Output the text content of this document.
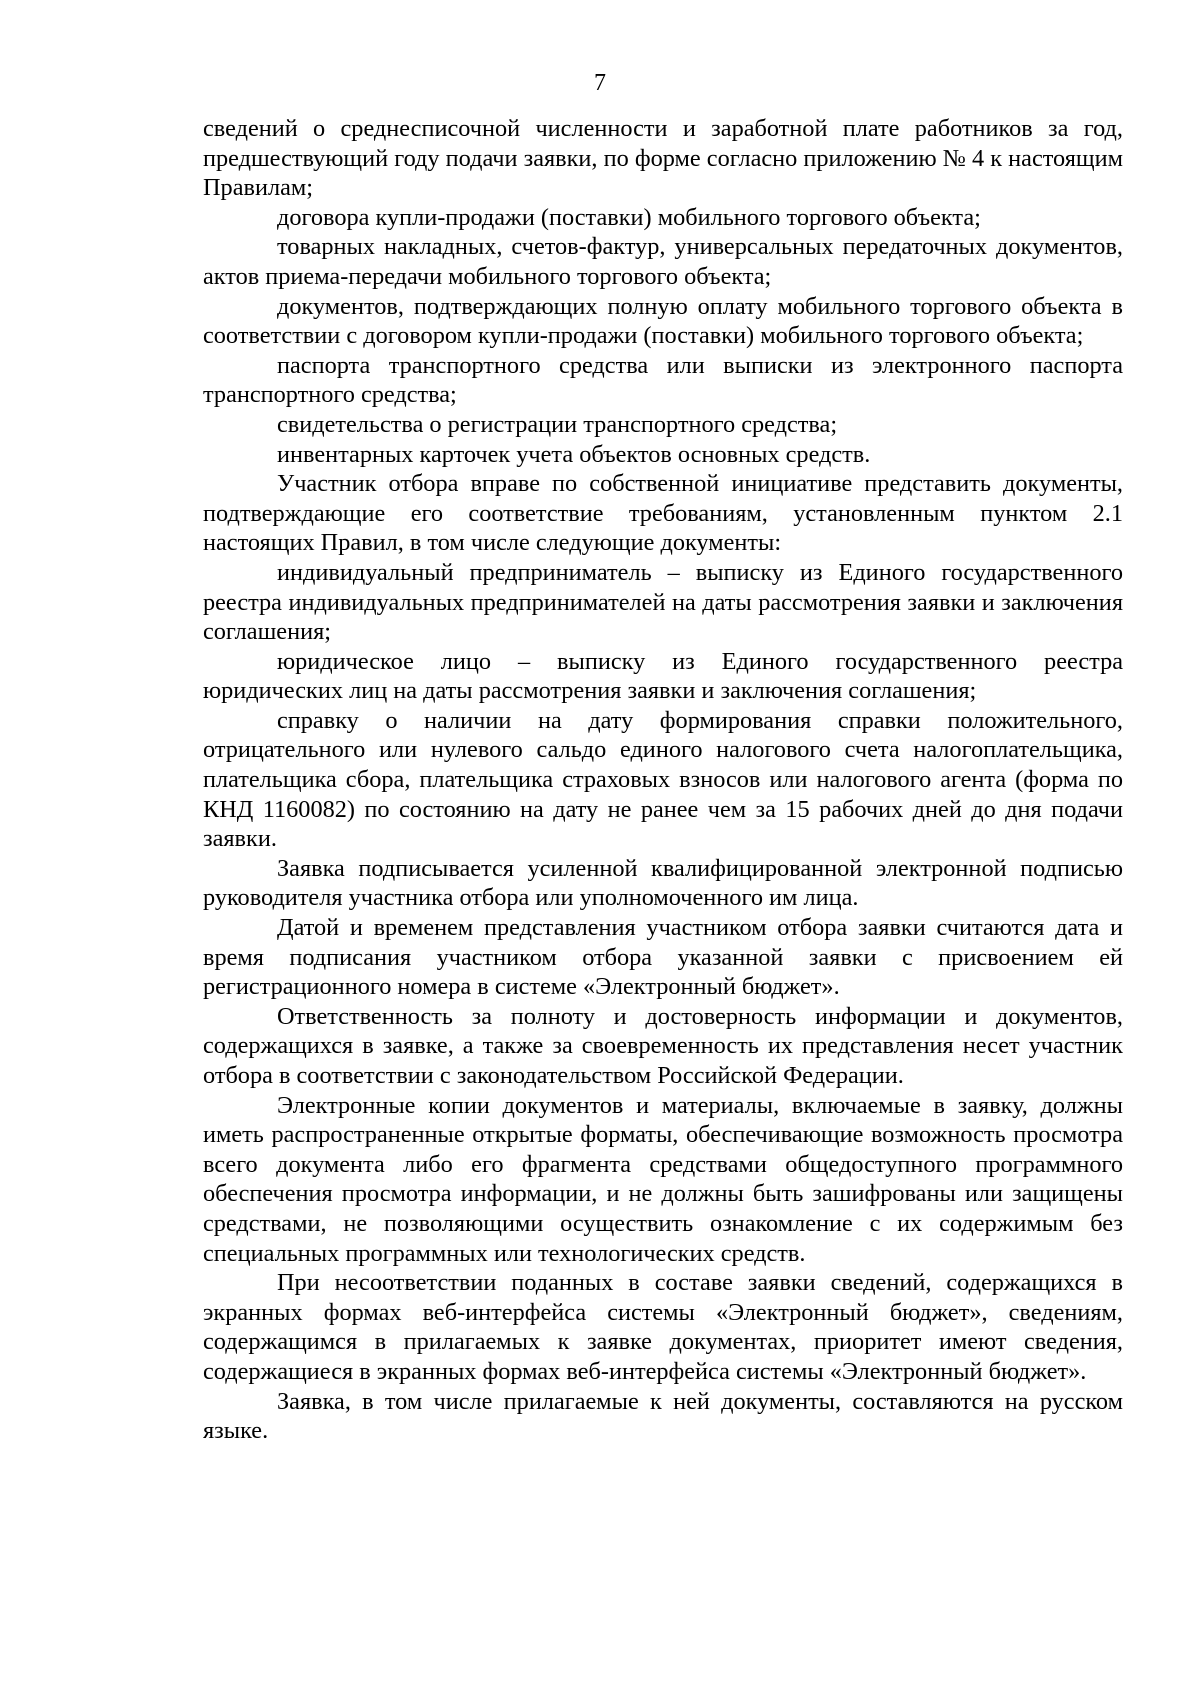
7

сведений о среднесписочной численности и заработной плате работников за год, предшествующий году подачи заявки, по форме согласно приложению № 4 к настоящим Правилам;

договора купли-продажи (поставки) мобильного торгового объекта;

товарных накладных, счетов-фактур, универсальных передаточных документов, актов приема-передачи мобильного торгового объекта;

документов, подтверждающих полную оплату мобильного торгового объекта в соответствии с договором купли-продажи (поставки) мобильного торгового объекта;

паспорта транспортного средства или выписки из электронного паспорта транспортного средства;

свидетельства о регистрации транспортного средства;

инвентарных карточек учета объектов основных средств.

Участник отбора вправе по собственной инициативе представить документы, подтверждающие его соответствие требованиям, установленным пунктом 2.1 настоящих Правил, в том числе следующие документы:

индивидуальный предприниматель – выписку из Единого государственного реестра индивидуальных предпринимателей на даты рассмотрения заявки и заключения соглашения;

юридическое лицо – выписку из Единого государственного реестра юридических лиц на даты рассмотрения заявки и заключения соглашения;

справку о наличии на дату формирования справки положительного, отрицательного или нулевого сальдо единого налогового счета налогоплательщика, плательщика сбора, плательщика страховых взносов или налогового агента (форма по КНД 1160082) по состоянию на дату не ранее чем за 15 рабочих дней до дня подачи заявки.

Заявка подписывается усиленной квалифицированной электронной подписью руководителя участника отбора или уполномоченного им лица.

Датой и временем представления участником отбора заявки считаются дата и время подписания участником отбора указанной заявки с присвоением ей регистрационного номера в системе «Электронный бюджет».

Ответственность за полноту и достоверность информации и документов, содержащихся в заявке, а также за своевременность их представления несет участник отбора в соответствии с законодательством Российской Федерации.

Электронные копии документов и материалы, включаемые в заявку, должны иметь распространенные открытые форматы, обеспечивающие возможность просмотра всего документа либо его фрагмента средствами общедоступного программного обеспечения просмотра информации, и не должны быть зашифрованы или защищены средствами, не позволяющими осуществить ознакомление с их содержимым без специальных программных или технологических средств.

При несоответствии поданных в составе заявки сведений, содержащихся в экранных формах веб-интерфейса системы «Электронный бюджет», сведениям, содержащимся в прилагаемых к заявке документах, приоритет имеют сведения, содержащиеся в экранных формах веб-интерфейса системы «Электронный бюджет».

Заявка, в том числе прилагаемые к ней документы, составляются на русском языке.
